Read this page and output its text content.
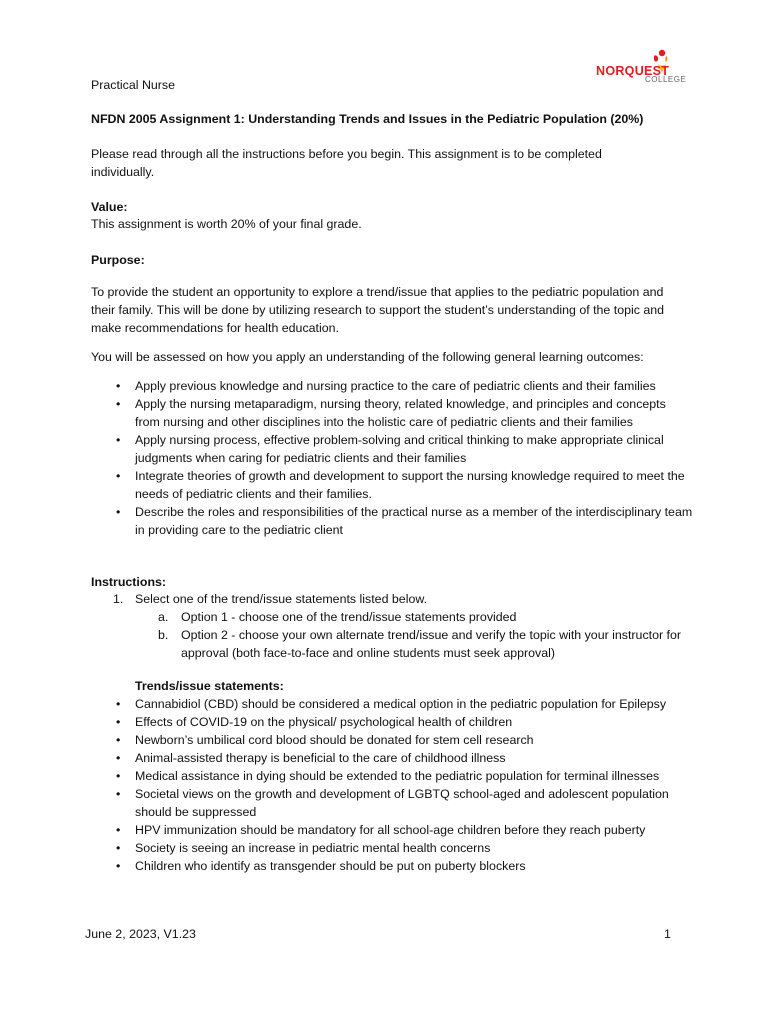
Practical Nurse

NORQUEST
COLLEGE

NFDN 2005 Assignment 1: Understanding Trends and Issues in the Pediatric Population (20%)

Please read through all the instructions before you begin. This assignment is to be completed individually.

Value:

This assignment is worth 20% of your final grade.

Purpose:

To provide the student an opportunity to explore a trend/issue that applies to the pediatric population and their family. This will be done by utilizing research to support the student’s understanding of the topic and make recommendations for health education.

You will be assessed on how you apply an understanding of the following general learning outcomes:

• Apply previous knowledge and nursing practice to the care of pediatric clients and their families
• Apply the nursing metaparadigm, nursing theory, related knowledge, and principles and concepts from nursing and other disciplines into the holistic care of pediatric clients and their families
• Apply nursing process, effective problem-solving and critical thinking to make appropriate clinical judgments when caring for pediatric clients and their families
• Integrate theories of growth and development to support the nursing knowledge required to meet the needs of pediatric clients and their families.
• Describe the roles and responsibilities of the practical nurse as a member of the interdisciplinary team in providing care to the pediatric client

Instructions:

1. Select one of the trend/issue statements listed below.
a. Option 1 - choose one of the trend/issue statements provided
b. Option 2 - choose your own alternate trend/issue and verify the topic with your instructor for approval (both face-to-face and online students must seek approval)

Trends/issue statements:

• Cannabidiol (CBD) should be considered a medical option in the pediatric population for Epilepsy
• Effects of COVID-19 on the physical/ psychological health of children
• Newborn’s umbilical cord blood should be donated for stem cell research
• Animal-assisted therapy is beneficial to the care of childhood illness
• Medical assistance in dying should be extended to the pediatric population for terminal illnesses
• Societal views on the growth and development of LGBTQ school-aged and adolescent population should be suppressed
• HPV immunization should be mandatory for all school-age children before they reach puberty
• Society is seeing an increase in pediatric mental health concerns
• Children who identify as transgender should be put on puberty blockers

June 2, 2023, V1.23	1
